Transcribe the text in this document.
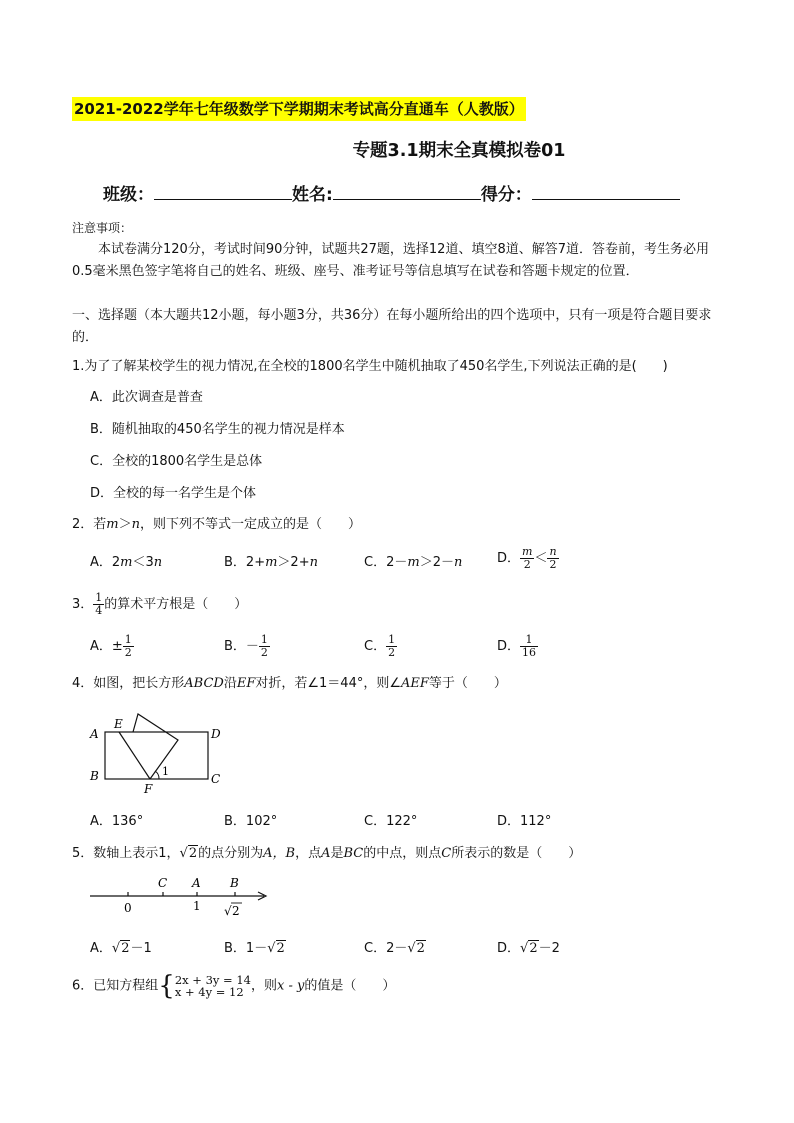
2021-2022学年七年级数学下学期期末考试高分直通车（人教版）
专题3.1期末全真模拟卷01
班级：	姓名:	得分：
注意事项：
本试卷满分120分，考试时间90分钟，试题共27题，选择12道、填空8道、解答7道．答卷前，考生务必用0.5毫米黑色签字笔将自己的姓名、班级、座号、准考证号等信息填写在试卷和答题卡规定的位置．
一、选择题（本大题共12小题，每小题3分，共36分）在每小题所给出的四个选项中，只有一项是符合题目要求的．
1.为了了解某校学生的视力情况,在全校的1800名学生中随机抽取了450名学生,下列说法正确的是(　　)
A．此次调查是普查
B．随机抽取的450名学生的视力情况是样本
C．全校的1800名学生是总体
D．全校的每一名学生是个体
2．若m＞n，则下列不等式一定成立的是（　　）
A．2m＜3n	B．2+m＞2+n	C．2－m＞2－n	D． $\frac{m}{2} < \frac{n}{2}$
3． $\frac{1}{4}$ 的算术平方根是（　　）
A．± $\frac{1}{2}$	B．－ $\frac{1}{2}$	C． $\frac{1}{2}$	D． $\frac{1}{16}$
4．如图，把长方形ABCD沿EF对折，若∠1＝44°，则∠AEF等于（　　）
A
B	C
D
E
F
1
A．136°	B．102°	C．122°	D．112°
5．数轴上表示1，√2的点分别为A，B，点A是BC的中点，则点C所表示的数是（　　）
C A B
0	1 √ 2
A．√2－1	B．1－√2	C．2－√2	D．√2－2
6．已知方程组{ 2x + 3y = 14
x + 4y = 12 ，则x - y的值是（　　）
